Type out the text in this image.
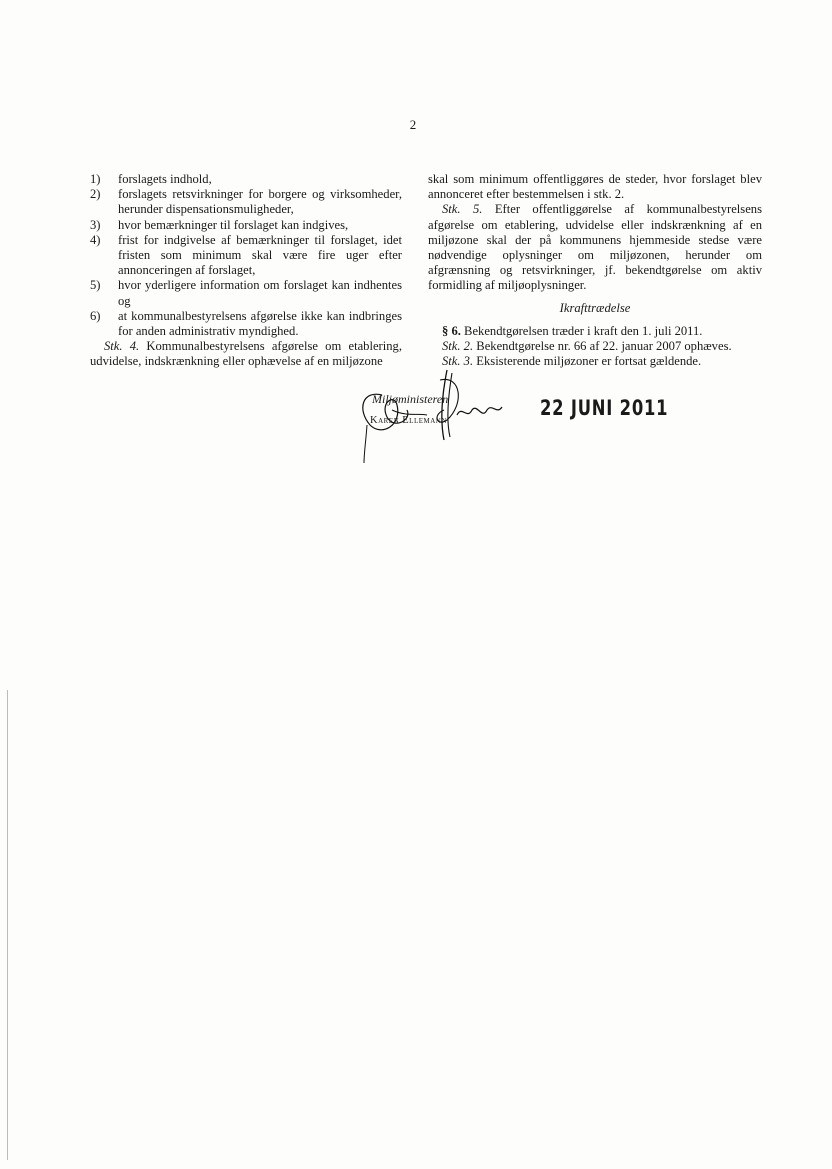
2
1)	forslagets indhold,
2)	forslagets retsvirkninger for borgere og virksomheder, herunder dispensationsmuligheder,
3)	hvor bemærkninger til forslaget kan indgives,
4)	frist for indgivelse af bemærkninger til forslaget, idet fristen som minimum skal være fire uger efter annonceringen af forslaget,
5)	hvor yderligere information om forslaget kan indhentes og
6)	at kommunalbestyrelsens afgørelse ikke kan indbringes for anden administrativ myndighed.

Stk. 4. Kommunalbestyrelsens afgørelse om etablering, udvidelse, indskrænkning eller ophævelse af en miljøzone

skal som minimum offentliggøres de steder, hvor forslaget blev annonceret efter bestemmelsen i stk. 2.

Stk. 5. Efter offentliggørelse af kommunalbestyrelsens afgørelse om etablering, udvidelse eller indskrænkning af en miljøzone skal der på kommunens hjemmeside stedse være nødvendige oplysninger om miljøzonen, herunder om afgrænsning og retsvirkninger, jf. bekendtgørelse om aktiv formidling af miljøoplysninger.

Ikrafttrædelse

§ 6. Bekendtgørelsen træder i kraft den 1. juli 2011.

Stk. 2. Bekendtgørelse nr. 66 af 22. januar 2007 ophæves.

Stk. 3. Eksisterende miljøzoner er fortsat gældende.

Miljøministeren
Karen Ellemann
22 JUNI 2011
